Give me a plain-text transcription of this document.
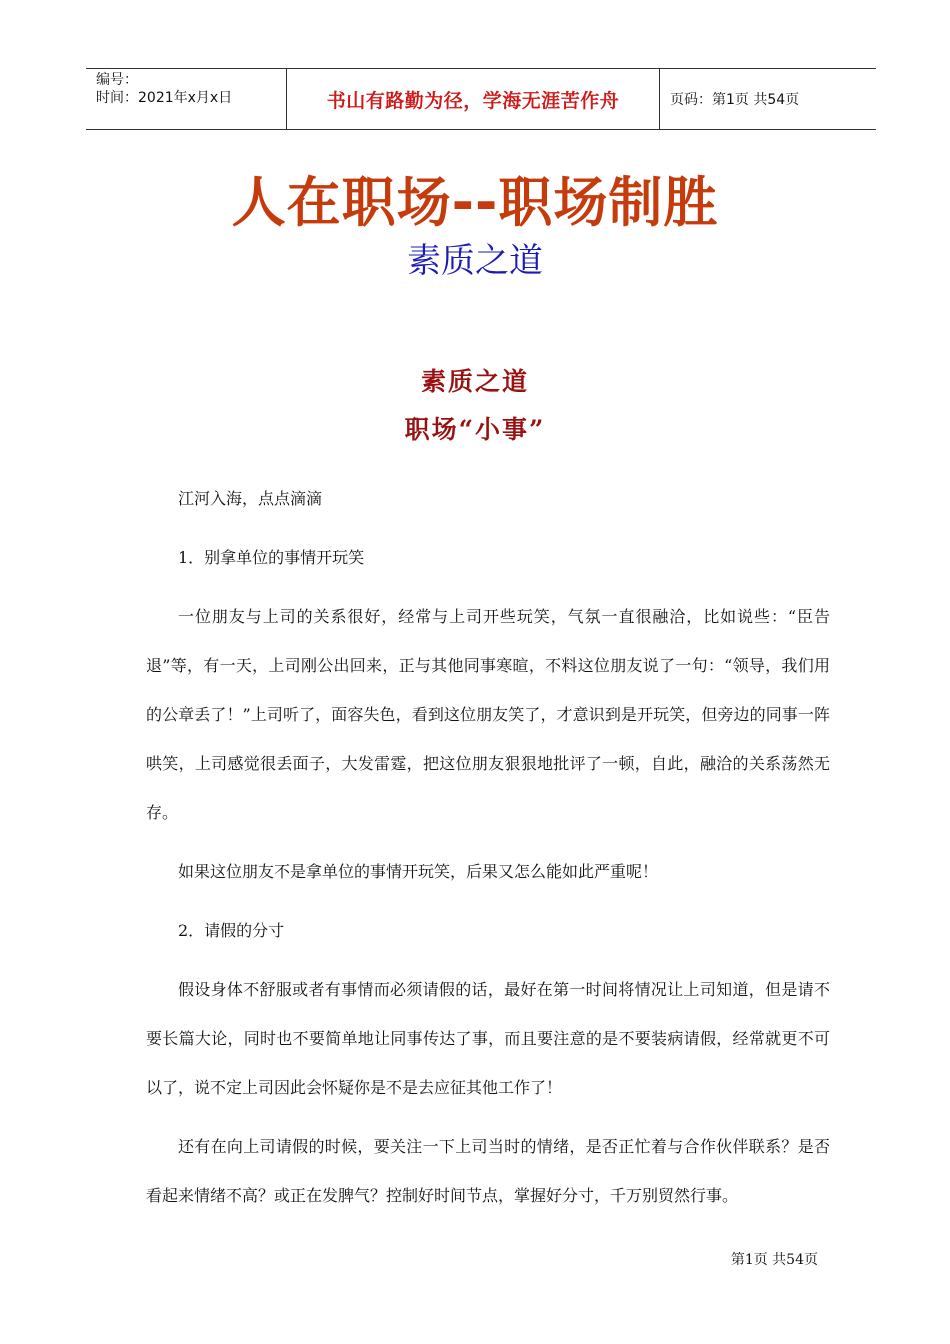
编号：
时间：2021年x月x日	书山有路勤为径，学海无涯苦作舟	页码：第1页 共54页
人在职场--职场制胜
素质之道
素质之道
职场“小事”

江河入海，点点滴滴

1．别拿单位的事情开玩笑

一位朋友与上司的关系很好，经常与上司开些玩笑，气氛一直很融洽，比如说些：“臣告退”等，有一天，上司刚公出回来，正与其他同事寒暄，不料这位朋友说了一句：“领导，我们用的公章丢了！”上司听了，面容失色，看到这位朋友笑了，才意识到是开玩笑，但旁边的同事一阵哄笑，上司感觉很丢面子，大发雷霆，把这位朋友狠狠地批评了一顿，自此，融洽的关系荡然无存。

如果这位朋友不是拿单位的事情开玩笑，后果又怎么能如此严重呢！

2．请假的分寸

假设身体不舒服或者有事情而必须请假的话，最好在第一时间将情况让上司知道，但是请不要长篇大论，同时也不要简单地让同事传达了事，而且要注意的是不要装病请假，经常就更不可以了，说不定上司因此会怀疑你是不是去应征其他工作了！

还有在向上司请假的时候，要关注一下上司当时的情绪，是否正忙着与合作伙伴联系？是否看起来情绪不高？或正在发脾气？控制好时间节点，掌握好分寸，千万别贸然行事。

第1页 共54页
